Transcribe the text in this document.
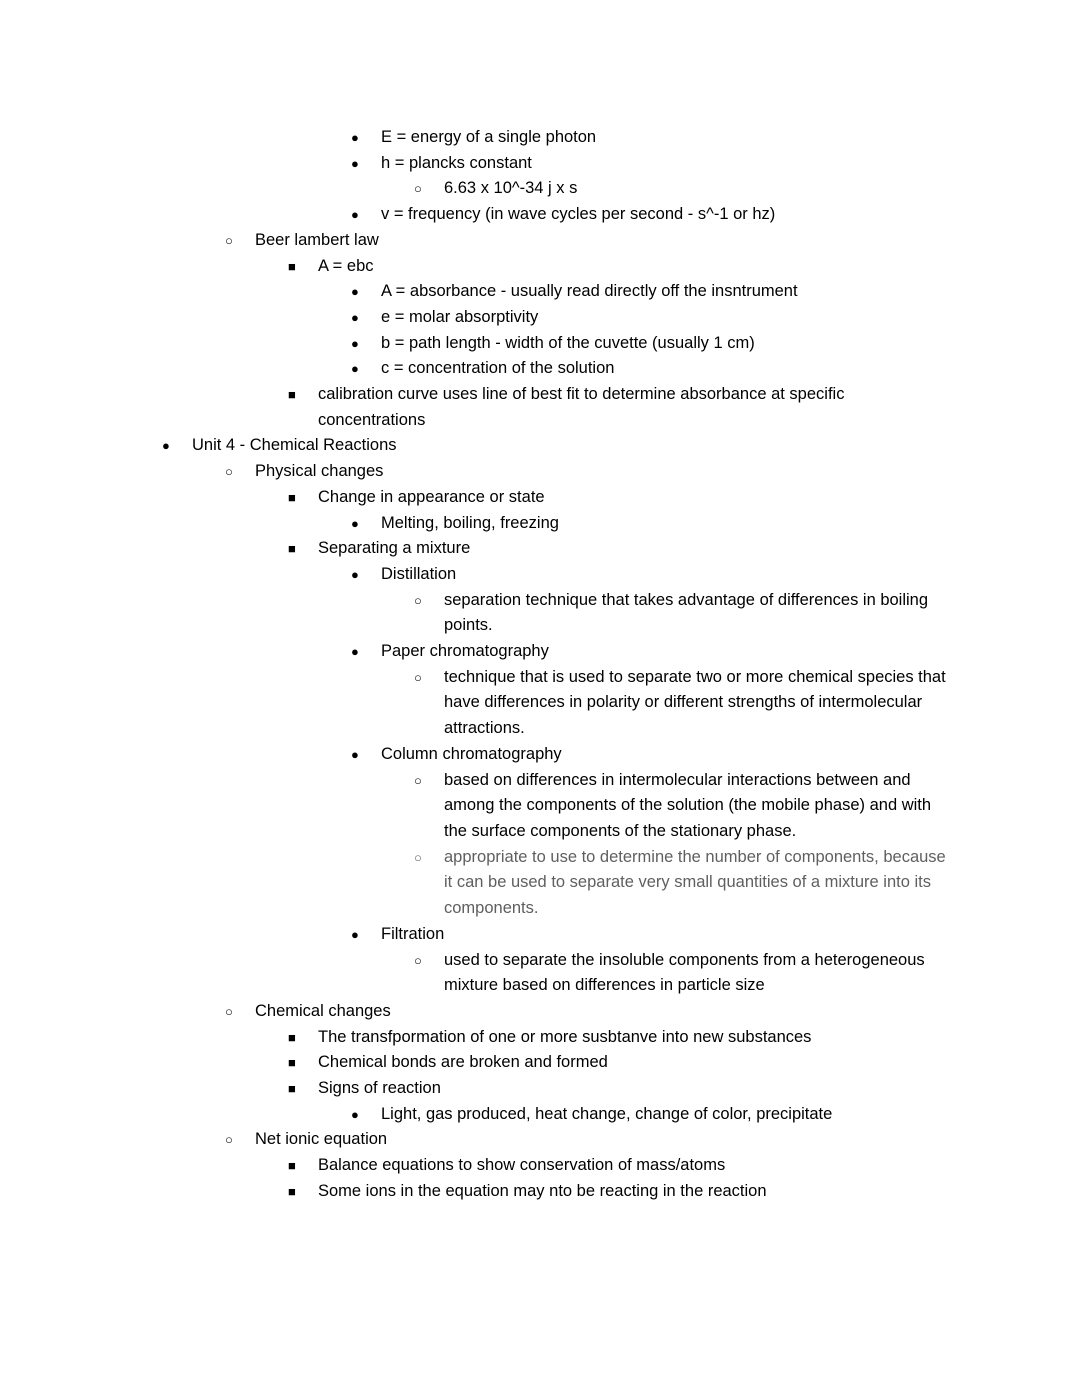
●	E = energy of a single photon
●	h = plancks constant
○	6.63 x 10^-34 j x s
●	v = frequency (in wave cycles per second - s^-1 or hz)
○	Beer lambert law
■	A = ebc
●	A = absorbance - usually read directly off the insntrument
●	e = molar absorptivity
●	b = path length - width of the cuvette (usually 1 cm)
●	c = concentration of the solution
■	calibration curve uses line of best fit to determine absorbance at specific concentrations
●	Unit 4 - Chemical Reactions
○	Physical changes
■	Change in appearance or state
●	Melting, boiling, freezing
■	Separating a mixture
●	Distillation
○	separation technique that takes advantage of differences in boiling points.
●	Paper chromatography
○	technique that is used to separate two or more chemical species that have differences in polarity or different strengths of intermolecular attractions.
●	Column chromatography
○	based on differences in intermolecular interactions between and among the components of the solution (the mobile phase) and with the surface components of the stationary phase.
○	appropriate to use to determine the number of components, because it can be used to separate very small quantities of a mixture into its components.
●	Filtration
○	used to separate the insoluble components from a heterogeneous mixture based on differences in particle size
○	Chemical changes
■	The transfpormation of one or more susbtanve into new substances
■	Chemical bonds are broken and formed
■	Signs of reaction
●	Light, gas produced, heat change, change of color, precipitate
○	Net ionic equation
■	Balance equations to show conservation of mass/atoms
■	Some ions in the equation may nto be reacting in the reaction
